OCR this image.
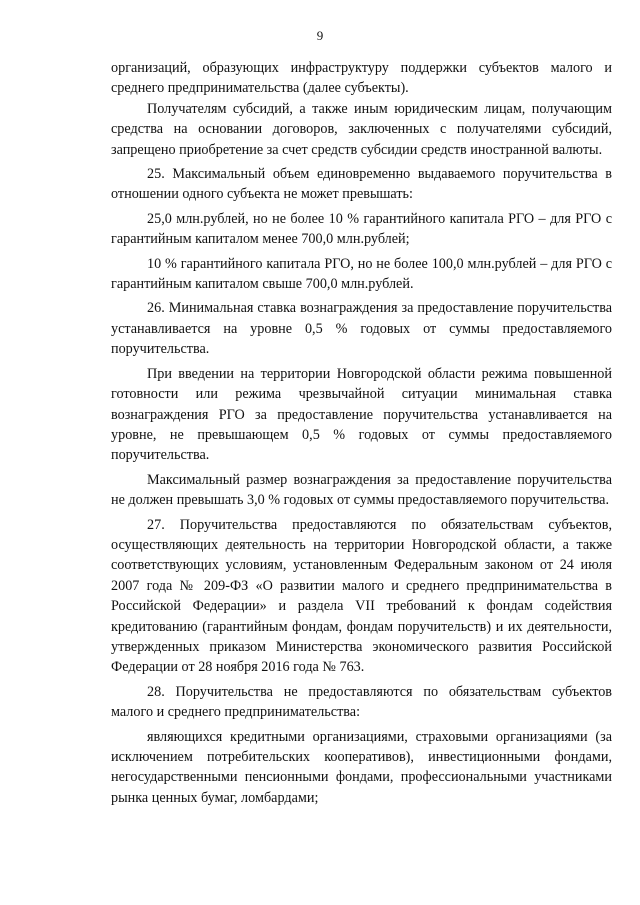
9

организаций, образующих инфраструктуру поддержки субъектов малого и среднего предпринимательства (далее субъекты).

Получателям субсидий, а также иным юридическим лицам, получающим средства на основании договоров, заключенных с получателями субсидий, запрещено приобретение за счет средств субсидии средств иностранной валюты.

25. Максимальный объем единовременно выдаваемого поручительства в отношении одного субъекта не может превышать:

25,0 млн.рублей, но не более 10 % гарантийного капитала РГО – для РГО с гарантийным капиталом менее 700,0 млн.рублей;

10 % гарантийного капитала РГО, но не более 100,0 млн.рублей – для РГО с гарантийным капиталом свыше 700,0 млн.рублей.

26. Минимальная ставка вознаграждения за предоставление поручительства устанавливается на уровне 0,5 % годовых от суммы предоставляемого поручительства.

При введении на территории Новгородской области режима повышенной готовности или режима чрезвычайной ситуации минимальная ставка вознаграждения РГО за предоставление поручительства устанавливается на уровне, не превышающем 0,5 % годовых от суммы предоставляемого поручительства.

Максимальный размер вознаграждения за предоставление поручительства не должен превышать 3,0 % годовых от суммы предоставляемого поручительства.

27. Поручительства предоставляются по обязательствам субъектов, осуществляющих деятельность на территории Новгородской области, а также соответствующих условиям, установленным Федеральным законом от 24 июля 2007 года № 209-ФЗ «О развитии малого и среднего предпринимательства в Российской Федерации» и раздела VII требований к фондам содействия кредитованию (гарантийным фондам, фондам поручительств) и их деятельности, утвержденных приказом Министерства экономического развития Российской Федерации от 28 ноября 2016 года № 763.

28. Поручительства не предоставляются по обязательствам субъектов малого и среднего предпринимательства:

являющихся кредитными организациями, страховыми организациями (за исключением потребительских кооперативов), инвестиционными фондами, негосударственными пенсионными фондами, профессиональными участниками рынка ценных бумаг, ломбардами;
